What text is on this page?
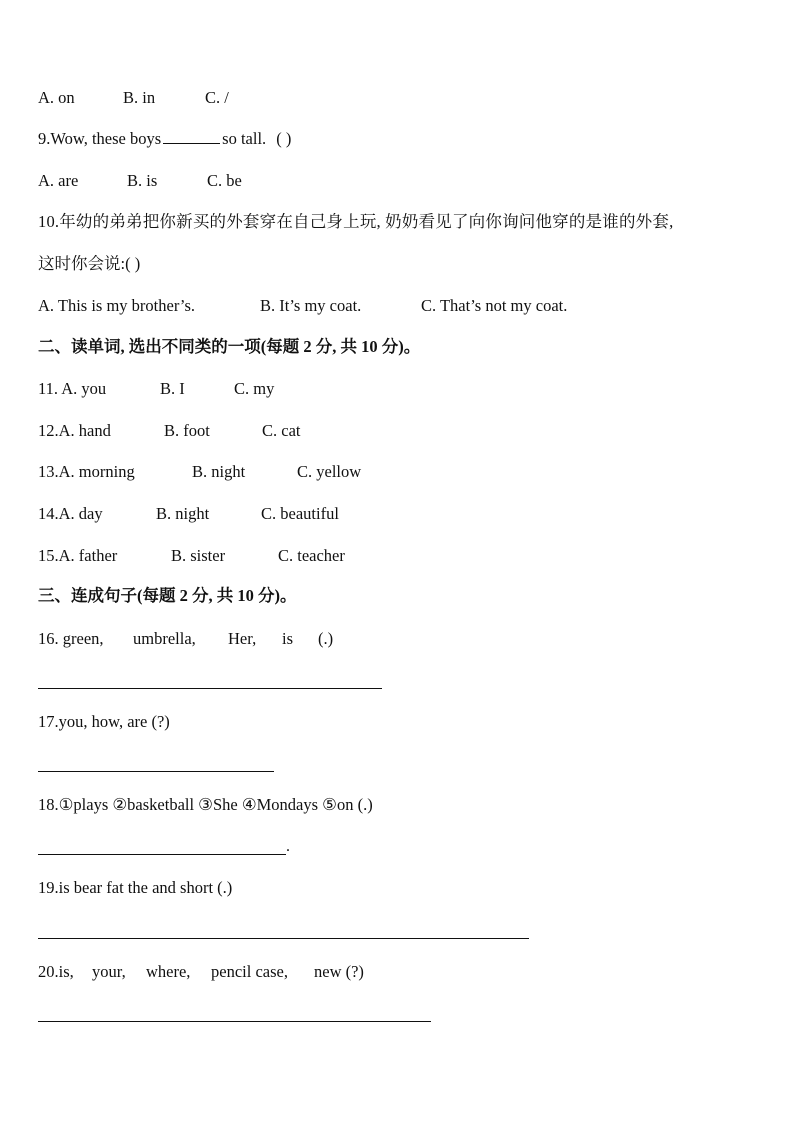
A. on	B. in	C. /
9.Wow, these boys	so tall. ( )
A. are	B. is	C. be
10.年幼的弟弟把你新买的外套穿在自己身上玩, 奶奶看见了向你询问他穿的是谁的外套,
这时你会说:( )
A. This is my brother’s.	B. It’s my coat.	C. That’s not my coat.
二、读单词, 选出不同类的一项(每题 2 分, 共 10 分)。
11. A. you	B. I	C. my
12.A. hand	B. foot	C. cat
13.A. morning	B. night	C. yellow
14.A. day	B. night	C. beautiful
15.A. father	B. sister	C. teacher
三、连成句子(每题 2 分, 共 10 分)。
16. green, umbrella, Her, is (.)
17.you, how, are (?)
18.①plays ②basketball ③She ④Mondays ⑤on (.)
.
19.is bear fat the and short (.)
20.is, your, where, pencil case, new (?)
